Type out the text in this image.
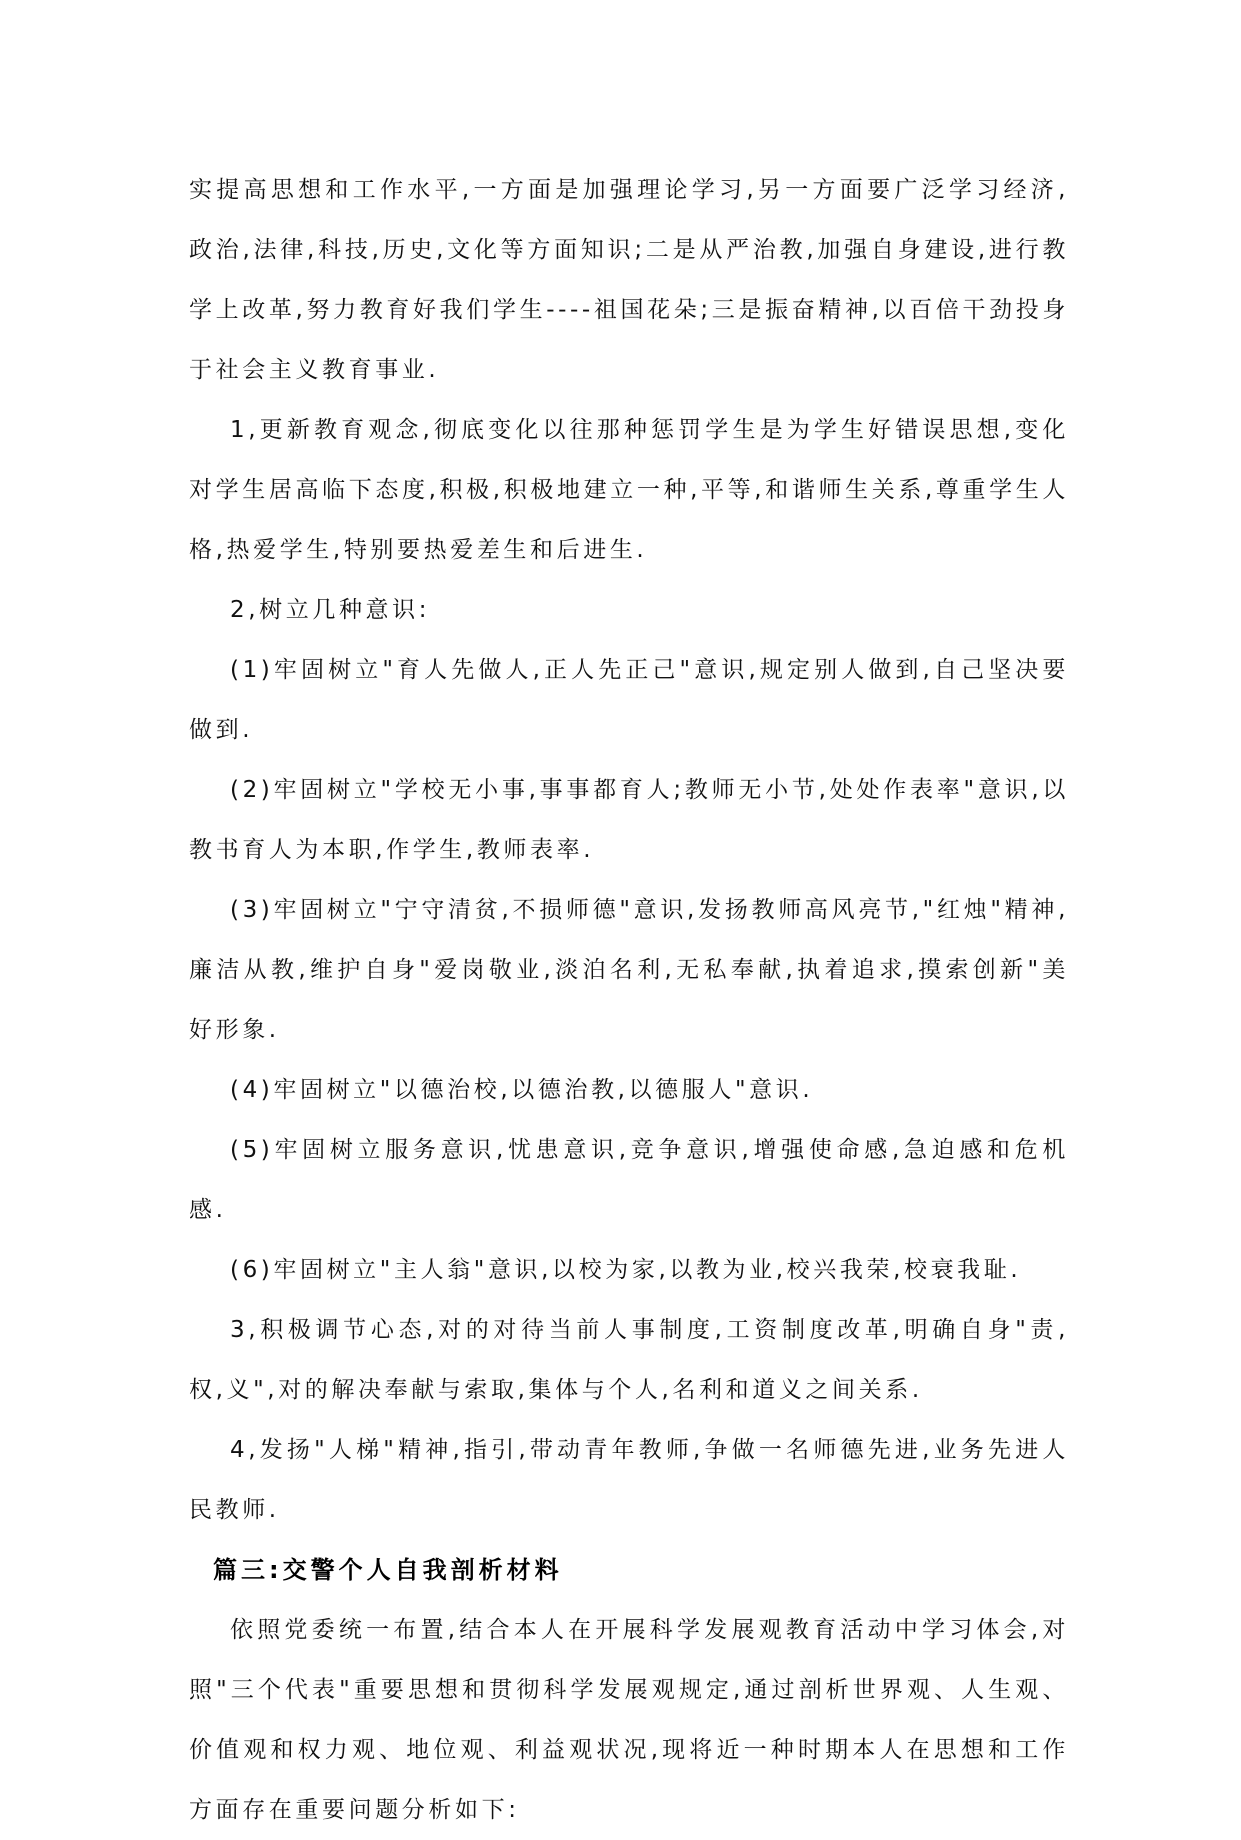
实提高思想和工作水平,一方面是加强理论学习,另一方面要广泛学习经济,政治,法律,科技,历史,文化等方面知识;二是从严治教,加强自身建设,进行教学上改革,努力教育好我们学生----祖国花朵;三是振奋精神,以百倍干劲投身于社会主义教育事业.

1,更新教育观念,彻底变化以往那种惩罚学生是为学生好错误思想,变化对学生居高临下态度,积极,积极地建立一种,平等,和谐师生关系,尊重学生人格,热爱学生,特别要热爱差生和后进生.

2,树立几种意识:

(1)牢固树立"育人先做人,正人先正己"意识,规定别人做到,自己坚决要做到.

(2)牢固树立"学校无小事,事事都育人;教师无小节,处处作表率"意识,以教书育人为本职,作学生,教师表率.

(3)牢固树立"宁守清贫,不损师德"意识,发扬教师高风亮节,"红烛"精神,廉洁从教,维护自身"爱岗敬业,淡泊名利,无私奉献,执着追求,摸索创新"美好形象.

(4)牢固树立"以德治校,以德治教,以德服人"意识.

(5)牢固树立服务意识,忧患意识,竞争意识,增强使命感,急迫感和危机感.

(6)牢固树立"主人翁"意识,以校为家,以教为业,校兴我荣,校衰我耻.

3,积极调节心态,对的对待当前人事制度,工资制度改革,明确自身"责,权,义",对的解决奉献与索取,集体与个人,名利和道义之间关系.

4,发扬"人梯"精神,指引,带动青年教师,争做一名师德先进,业务先进人民教师.

篇三:交警个人自我剖析材料

依照党委统一布置,结合本人在开展科学发展观教育活动中学习体会,对照"三个代表"重要思想和贯彻科学发展观规定,通过剖析世界观、人生观、价值观和权力观、地位观、利益观状况,现将近一种时期本人在思想和工作方面存在重要问题分析如下:
